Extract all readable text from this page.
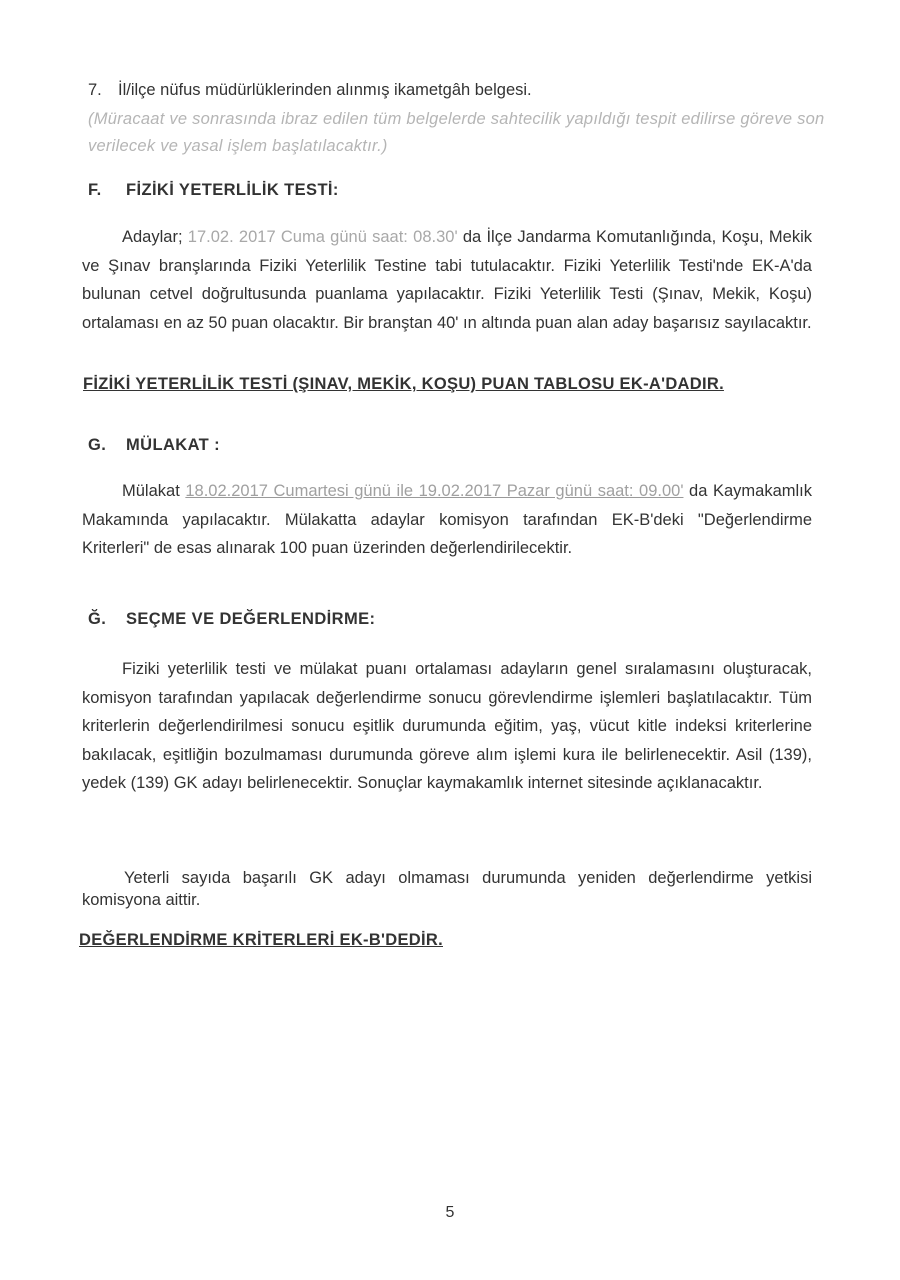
7. İl/ilçe nüfus müdürlüklerinden alınmış ikametgâh belgesi.
(Müracaat ve sonrasında ibraz edilen tüm belgelerde sahtecilik yapıldığı tespit edilirse göreve son verilecek ve yasal işlem başlatılacaktır.)
F. FİZİKİ YETERLİLİK TESTİ:
Adaylar; 17.02. 2017 Cuma günü saat: 08.30' da İlçe Jandarma Komutanlığında, Koşu, Mekik ve Şınav branşlarında Fiziki Yeterlilik Testine tabi tutulacaktır. Fiziki Yeterlilik Testi'nde EK-A'da bulunan cetvel doğrultusunda puanlama yapılacaktır. Fiziki Yeterlilik Testi (Şınav, Mekik, Koşu) ortalaması en az 50 puan olacaktır. Bir branştan 40' ın altında puan alan aday başarısız sayılacaktır.
FİZİKİ YETERLİLİK TESTİ (ŞINAV, MEKİK, KOŞU) PUAN TABLOSU EK-A'DADIR.
G. MÜLAKAT :
Mülakat 18.02.2017 Cumartesi günü ile 19.02.2017 Pazar günü saat: 09.00' da Kaymakamlık Makamında yapılacaktır. Mülakatta adaylar komisyon tarafından EK-B'deki "Değerlendirme Kriterleri" de esas alınarak 100 puan üzerinden değerlendirilecektir.
Ğ. SEÇME VE DEĞERLENDİRME:
Fiziki yeterlilik testi ve mülakat puanı ortalaması adayların genel sıralamasını oluşturacak, komisyon tarafından yapılacak değerlendirme sonucu görevlendirme işlemleri başlatılacaktır. Tüm kriterlerin değerlendirilmesi sonucu eşitlik durumunda eğitim, yaş, vücut kitle indeksi kriterlerine bakılacak, eşitliğin bozulmaması durumunda göreve alım işlemi kura ile belirlenecektir. Asil (139), yedek (139) GK adayı belirlenecektir. Sonuçlar kaymakamlık internet sitesinde açıklanacaktır.
Yeterli sayıda başarılı GK adayı olmaması durumunda yeniden değerlendirme yetkisi komisyona aittir.
DEĞERLENDİRME KRİTERLERİ EK-B'DEDİR.
5
